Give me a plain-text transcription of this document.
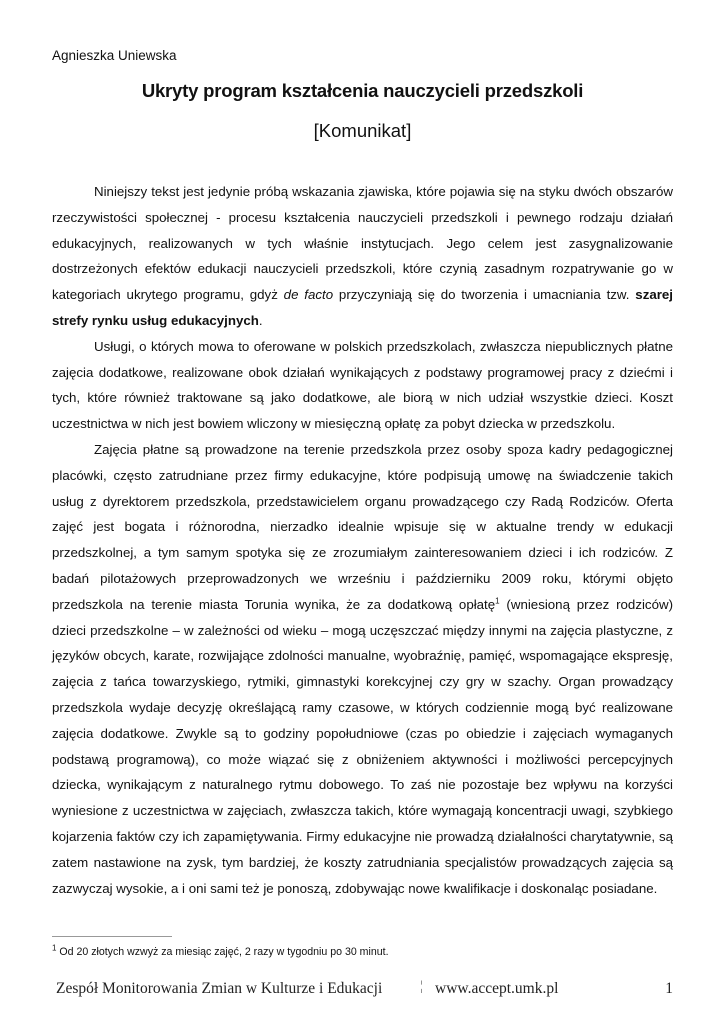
Agnieszka Uniewska
Ukryty program kształcenia nauczycieli przedszkoli
[Komunikat]

Niniejszy tekst jest jedynie próbą wskazania zjawiska, które pojawia się na styku dwóch obszarów rzeczywistości społecznej - procesu kształcenia nauczycieli przedszkoli i pewnego rodzaju działań edukacyjnych, realizowanych w tych właśnie instytucjach. Jego celem jest zasygnalizowanie dostrzeżonych efektów edukacji nauczycieli przedszkoli, które czynią zasadnym rozpatrywanie go w kategoriach ukrytego programu, gdyż de facto przyczyniają się do tworzenia i umacniania tzw. szarej strefy rynku usług edukacyjnych.

Usługi, o których mowa to oferowane w polskich przedszkolach, zwłaszcza niepublicznych płatne zajęcia dodatkowe, realizowane obok działań wynikających z podstawy programowej pracy z dziećmi i tych, które również traktowane są jako dodatkowe, ale biorą w nich udział wszystkie dzieci. Koszt uczestnictwa w nich jest bowiem wliczony w miesięczną opłatę za pobyt dziecka w przedszkolu.

Zajęcia płatne są prowadzone na terenie przedszkola przez osoby spoza kadry pedagogicznej placówki, często zatrudniane przez firmy edukacyjne, które podpisują umowę na świadczenie takich usług z dyrektorem przedszkola, przedstawicielem organu prowadzącego czy Radą Rodziców. Oferta zajęć jest bogata i różnorodna, nierzadko idealnie wpisuje się w aktualne trendy w edukacji przedszkolnej, a tym samym spotyka się ze zrozumiałym zainteresowaniem dzieci i ich rodziców. Z badań pilotażowych przeprowadzonych we wrześniu i październiku 2009 roku, którymi objęto przedszkola na terenie miasta Torunia wynika, że za dodatkową opłatę$^1$ (wniesioną przez rodziców) dzieci przedszkolne – w zależności od wieku – mogą uczęszczać między innymi na zajęcia plastyczne, z języków obcych, karate, rozwijające zdolności manualne, wyobraźnię, pamięć, wspomagające ekspresję, zajęcia z tańca towarzyskiego, rytmiki, gimnastyki korekcyjnej czy gry w szachy. Organ prowadzący przedszkola wydaje decyzję określającą ramy czasowe, w których codziennie mogą być realizowane zajęcia dodatkowe. Zwykle są to godziny popołudniowe (czas po obiedzie i zajęciach wymaganych podstawą programową), co może wiązać się z obniżeniem aktywności i możliwości percepcyjnych dziecka, wynikającym z naturalnego rytmu dobowego. To zaś nie pozostaje bez wpływu na korzyści wyniesione z uczestnictwa w zajęciach, zwłaszcza takich, które wymagają koncentracji uwagi, szybkiego kojarzenia faktów czy ich zapamiętywania. Firmy edukacyjne nie prowadzą działalności charytatywnie, są zatem nastawione na zysk, tym bardziej, że koszty zatrudniania specjalistów prowadzących zajęcia są zazwyczaj wysokie, a i oni sami też je ponoszą, zdobywając nowe kwalifikacje i doskonaląc posiadane.

$^1$ Od 20 złotych wzwyż za miesiąc zajęć, 2 razy w tygodniu po 30 minut.
Zespół Monitorowania Zmian w Kulturze i Edukacji	¦ www.accept.umk.pl	1
